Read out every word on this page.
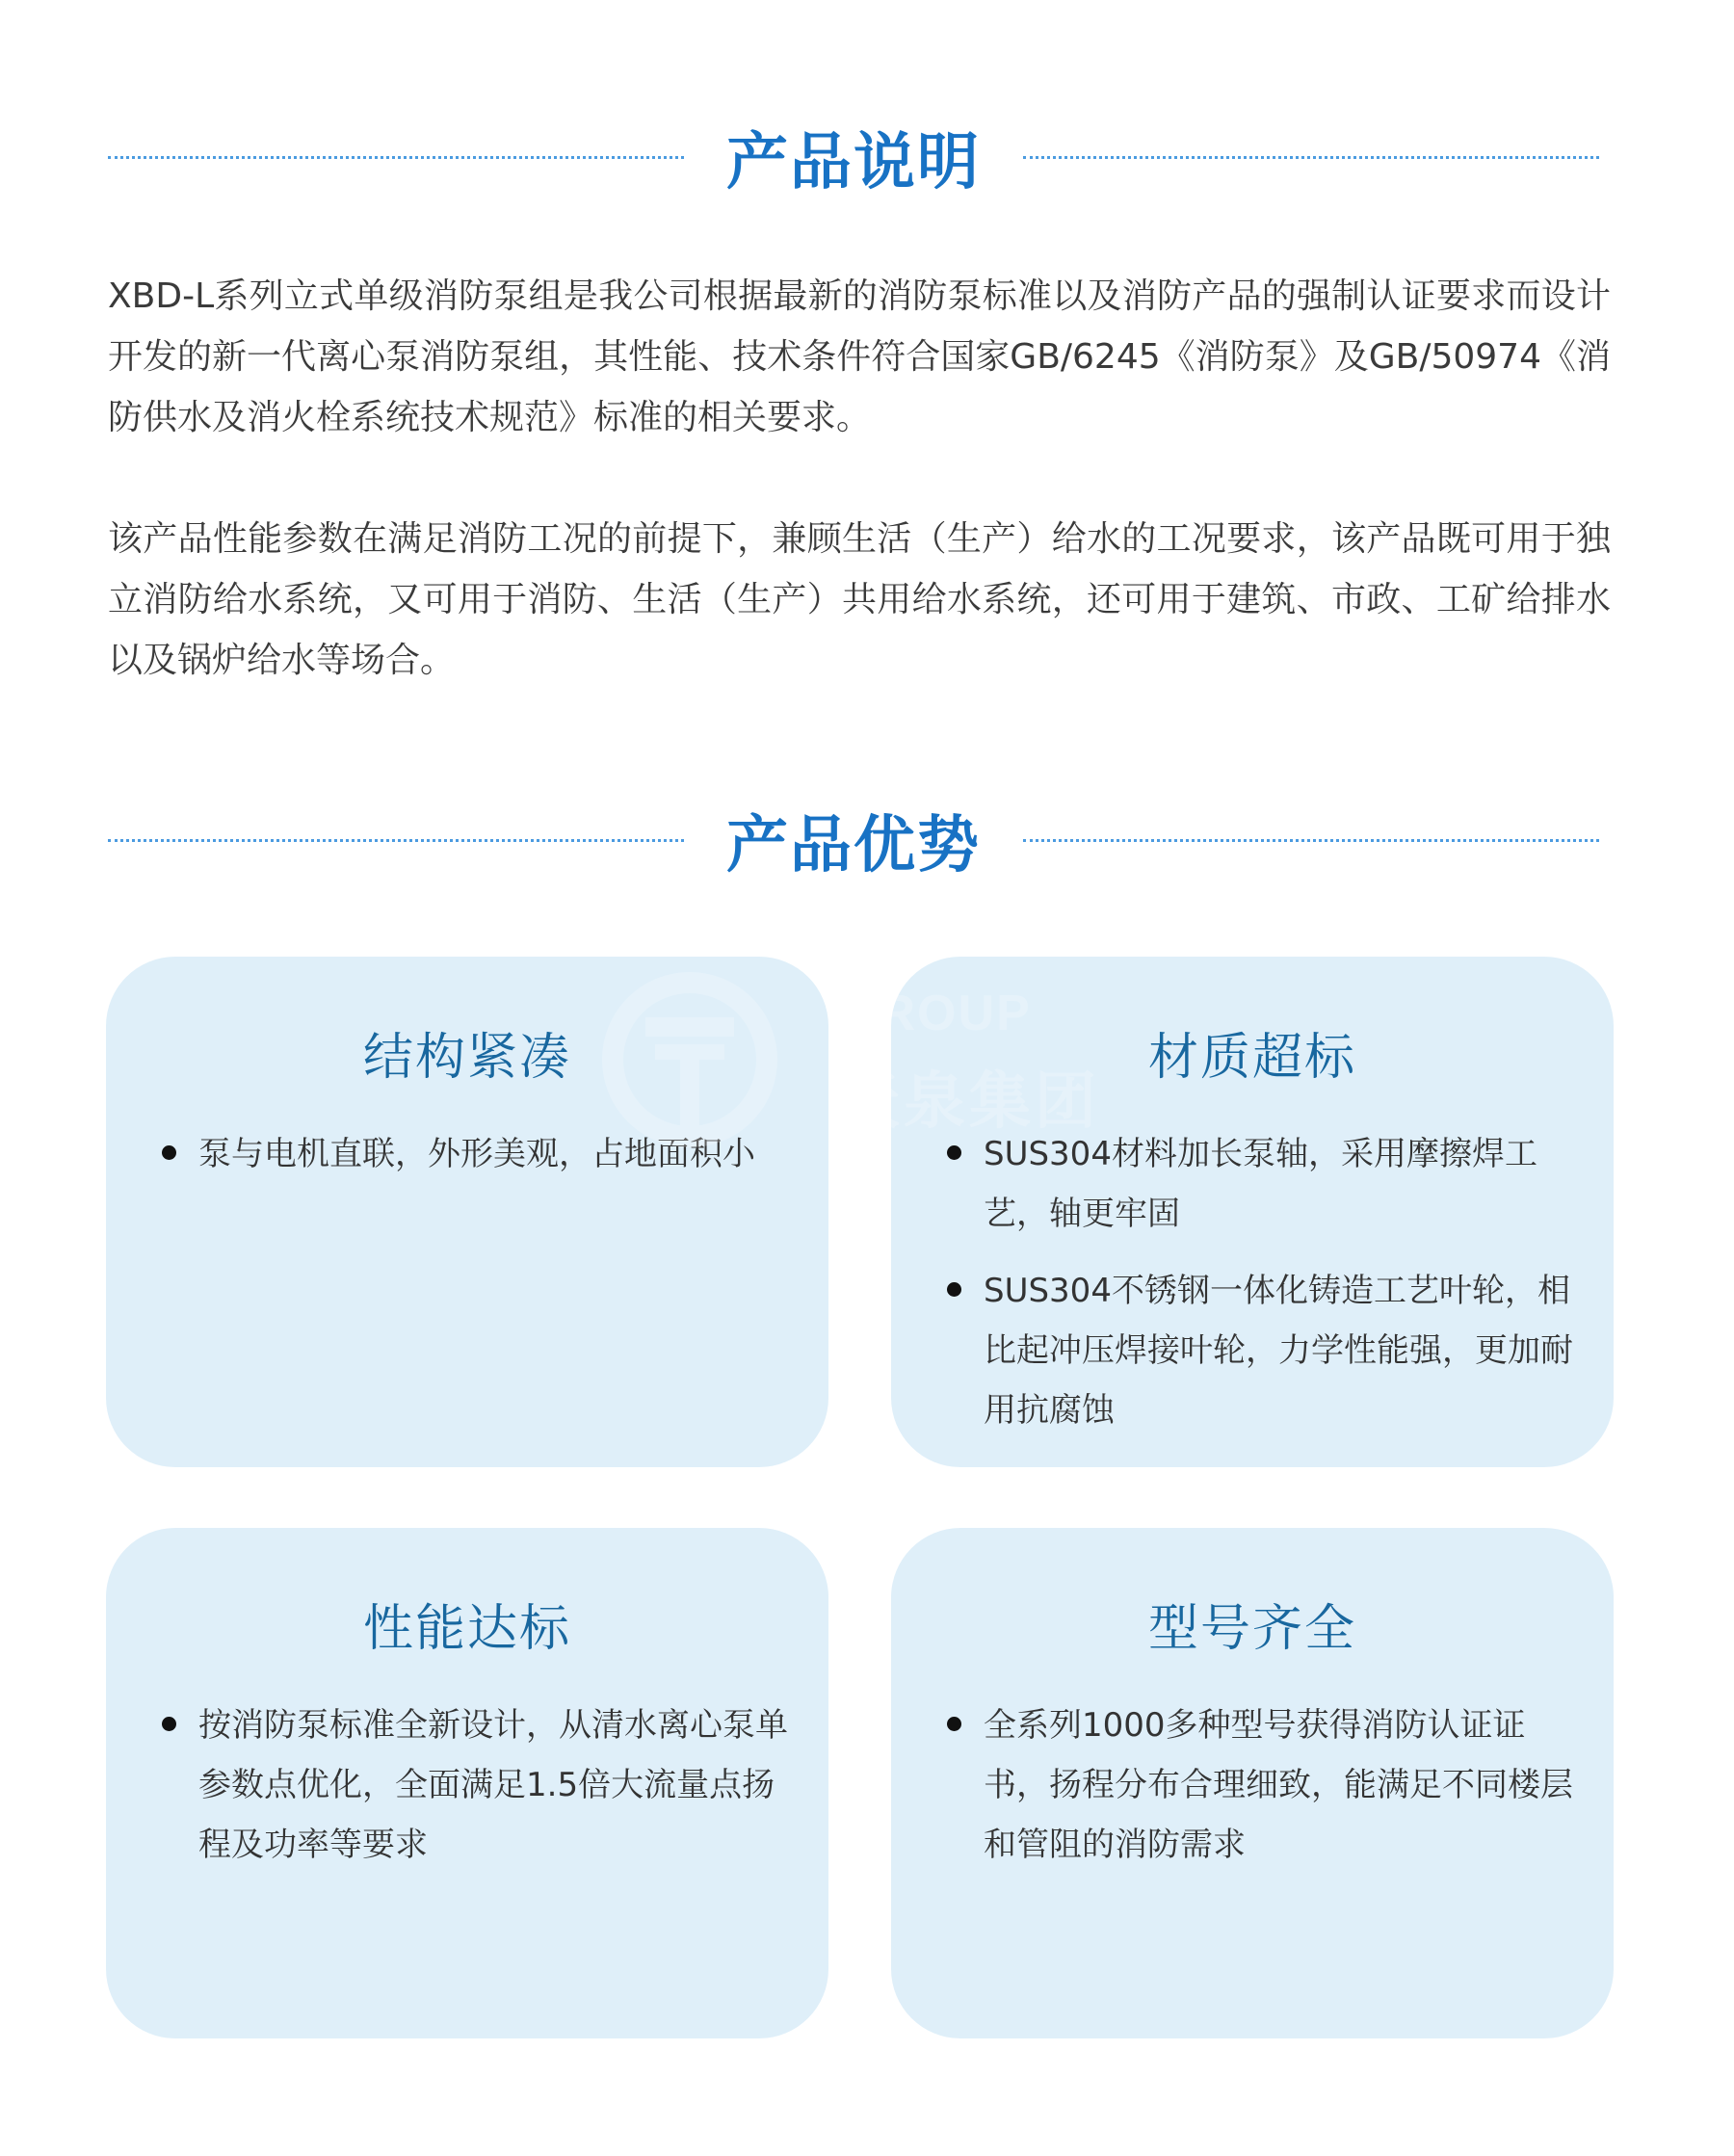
产品说明

XBD-L系列立式单级消防泵组是我公司根据最新的消防泵标准以及消防产品的强制认证要求而设计开发的新一代离心泵消防泵组，其性能、技术条件符合国家GB/6245《消防泵》及GB/50974《消防供水及消火栓系统技术规范》标准的相关要求。

该产品性能参数在满足消防工况的前提下，兼顾生活（生产）给水的工况要求，该产品既可用于独立消防给水系统，又可用于消防、生活（生产）共用给水系统，还可用于建筑、市政、工矿给排水以及锅炉给水等场合。

产品优势
结构紧凑
泵与电机直联，外形美观，占地面积小
材质超标
SUS304材料加长泵轴，采用摩擦焊工艺，轴更牢固
SUS304不锈钢一体化铸造工艺叶轮，相比起冲压焊接叶轮，力学性能强，更加耐用抗腐蚀
性能达标
按消防泵标准全新设计，从清水离心泵单参数点优化，全面满足1.5倍大流量点扬程及功率等要求
型号齐全
全系列1000多种型号获得消防认证证书，扬程分布合理细致，能满足不同楼层和管阻的消防需求
GROUP
天泉集团
